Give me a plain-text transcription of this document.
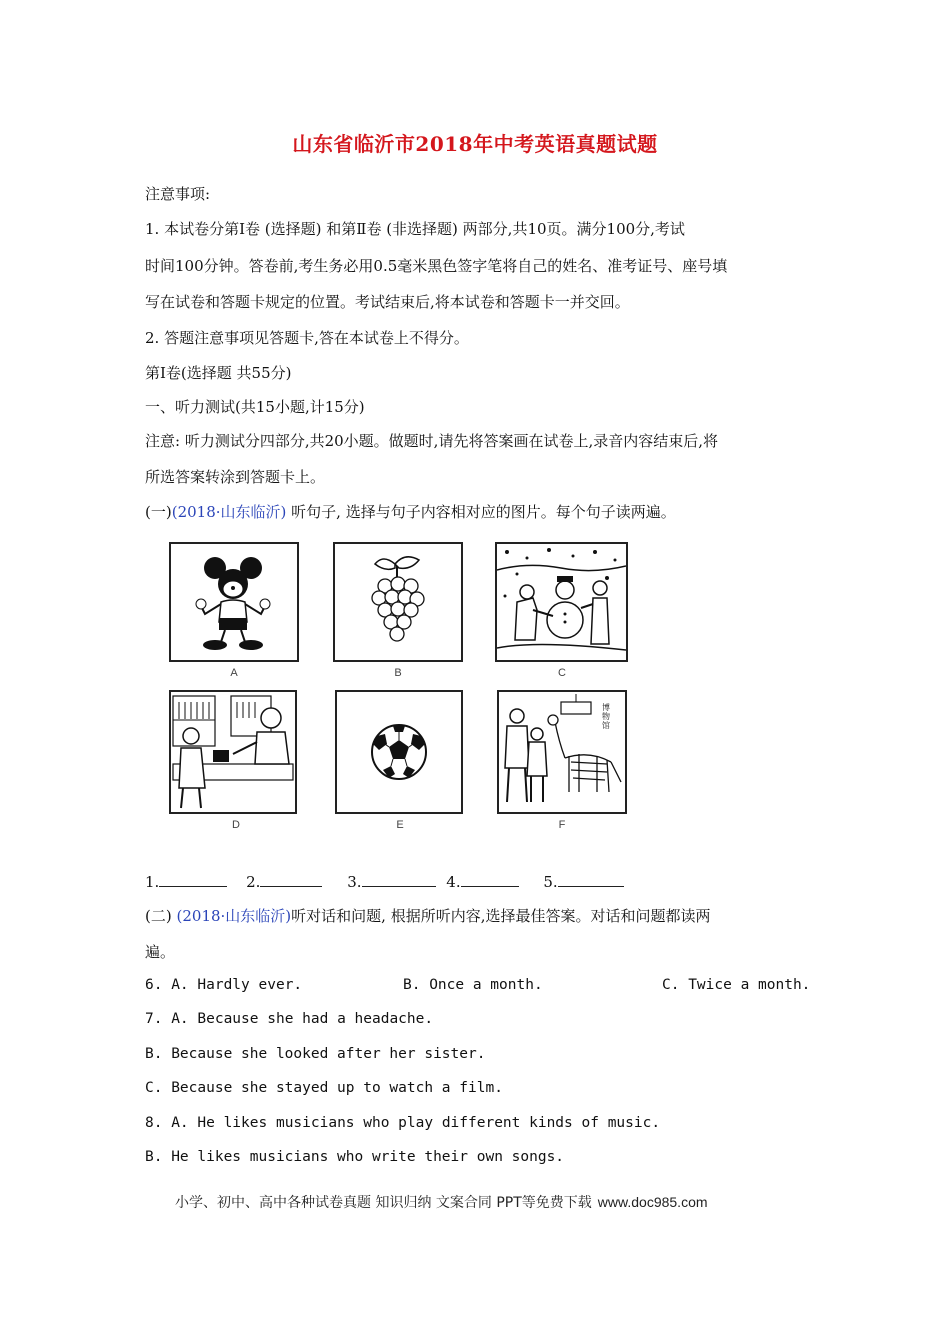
山东省临沂市2018年中考英语真题试题
注意事项:
1. 本试卷分第Ⅰ卷 (选择题) 和第Ⅱ卷 (非选择题) 两部分,共10页。满分100分,考试
时间100分钟。答卷前,考生务必用0.5毫米黑色签字笔将自己的姓名、准考证号、座号填
写在试卷和答题卡规定的位置。考试结束后,将本试卷和答题卡一并交回。
2. 答题注意事项见答题卡,答在本试卷上不得分。
第Ⅰ卷(选择题 共55分)
一、听力测试(共15小题,计15分)
注意: 听力测试分四部分,共20小题。做题时,请先将答案画在试卷上,录音内容结束后,将
所选答案转涂到答题卡上。
(一)(2018·山东临沂) 听句子, 选择与句子内容相对应的图片。每个句子读两遍。
A	B	C
D	E
博
物
馆
F
1.	2.	3.	4.	5.
(二) (2018·山东临沂)听对话和问题, 根据所听内容,选择最佳答案。对话和问题都读两
遍。
6. A. Hardly ever.	B. Once a month.	C. Twice a month.
7. A. Because she had a headache.
B. Because she looked after her sister.
C. Because she stayed up to watch a film.
8. A. He likes musicians who play different kinds of music.
B. He likes musicians who write their own songs.
小学、初中、高中各种试卷真题 知识归纳 文案合同 PPT等免费下载 www.doc985.com
